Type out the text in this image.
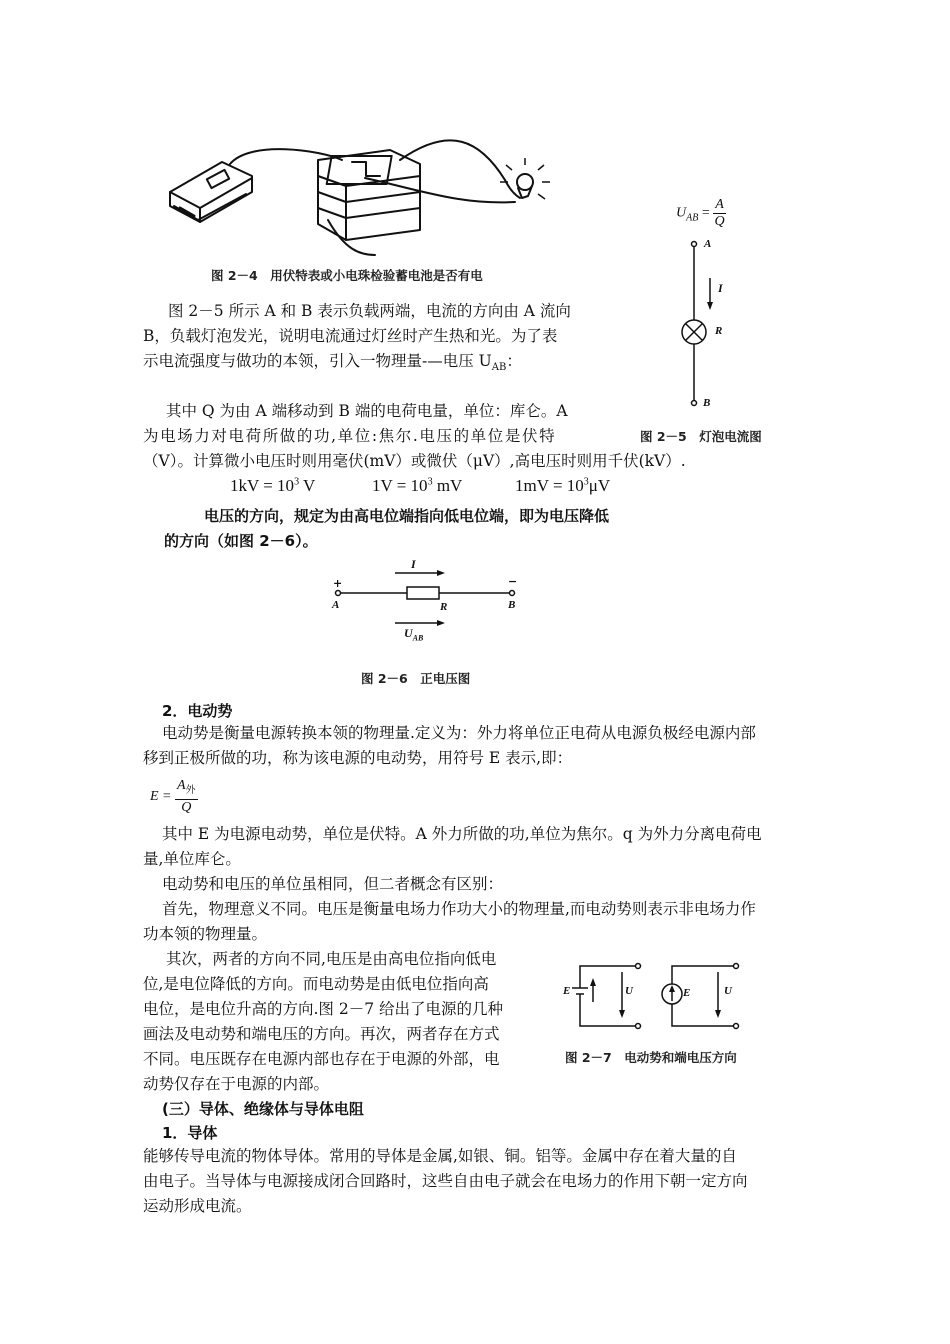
图 2－4　用伏特表或小电珠检验蓄电池是否有电
图 2－5 所示 A 和 B 表示负载两端，电流的方向由 A 流向
B，负载灯泡发光，说明电流通过灯丝时产生热和光。为了表
示电流强度与做功的本领，引入一物理量-—电压 $U_{AB}$：
$U_{AB} = \frac{A}{Q}$
A
I
R
B
图 2－5　灯泡电流图
其中 Q 为由 A 端移动到 B 端的电荷电量，单位：库仑。A
为电场力对电荷所做的功,单位:焦尔.电压的单位是伏特
（V）。计算微小电压时则用毫伏(mV）或微伏（μV）,高电压时则用千伏(kV）.
$1kV = 10^3$ V	$1V = 10^3$ mV	$1mV = 10^3\mu V$
电压的方向，规定为由高电位端指向低电位端，即为电压降低
的方向（如图 2－6）。
I
+	−
A	R	B
$U_{AB}$
图 2－6　正电压图
2．电动势
电动势是衡量电源转换本领的物理量.定义为：外力将单位正电荷从电源负极经电源内部
移到正极所做的功，称为该电源的电动势，用符号 E 表示,即：
$E = \frac{A_外}{Q}$
其中 E 为电源电动势，单位是伏特。A 外力所做的功,单位为焦尔。q 为外力分离电荷电
量,单位库仑。
电动势和电压的单位虽相同，但二者概念有区别：
首先，物理意义不同。电压是衡量电场力作功大小的物理量,而电动势则表示非电场力作
功本领的物理量。
其次，两者的方向不同,电压是由高电位指向低电
位,是电位降低的方向。而电动势是由低电位指向高
电位，是电位升高的方向.图 2－7 给出了电源的几种
画法及电动势和端电压的方向。再次，两者存在方式
不同。电压既存在电源内部也存在于电源的外部，电
动势仅存在于电源的内部。
E	U	E	U
图 2－7　电动势和端电压方向
(三）导体、绝缘体与导体电阻
1．导体
能够传导电流的物体导体。常用的导体是金属,如银、铜。铝等。金属中存在着大量的自
由电子。当导体与电源接成闭合回路时，这些自由电子就会在电场力的作用下朝一定方向
运动形成电流。
